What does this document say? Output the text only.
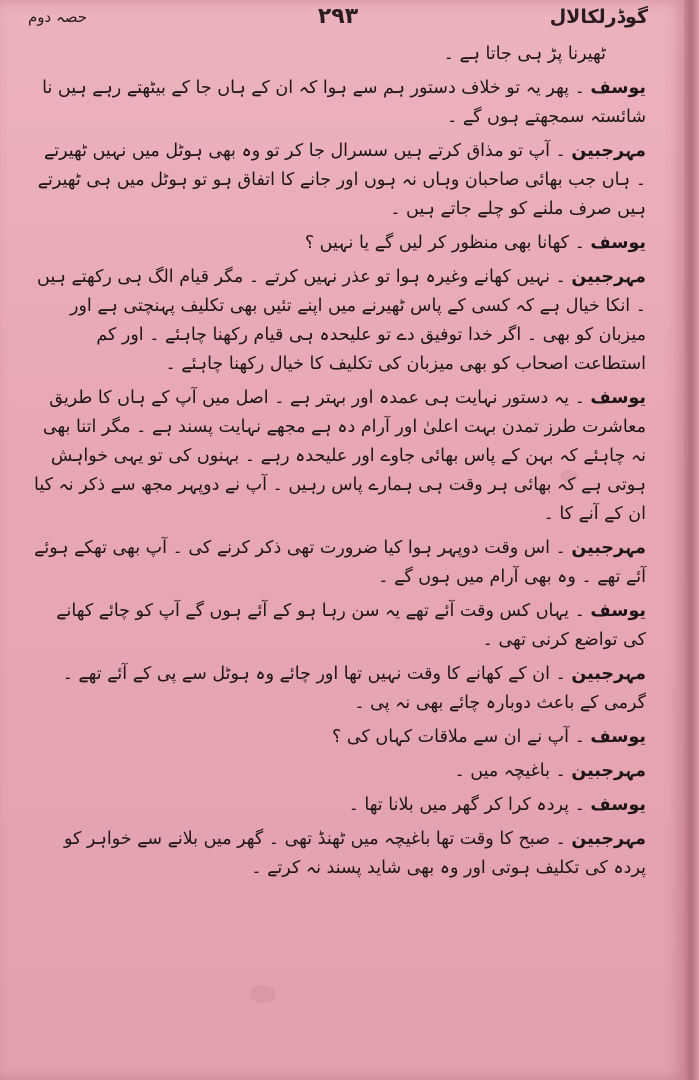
گوڈرلکالال
۲۹۳
حصہ دوم

ٹھیرنا پڑ ہی جاتا ہے ۔

یوسف ۔ پھر یہ تو خلاف دستور ہم سے ہوا کہ ان کے ہاں جا کے بیٹھتے رہے ہیں نا شائستہ سمجھتے ہوں گے ۔

مہرجبین ۔ آپ تو مذاق کرتے ہیں سسرال جا کر تو وہ بھی ہوٹل میں نہیں ٹھیرتے ۔ ہاں جب بھائی صاحبان وہاں نہ ہوں اور جانے کا اتفاق ہو تو ہوٹل میں ہی ٹھیرتے ہیں صرف ملنے کو چلے جاتے ہیں ۔

یوسف ۔ کھانا بھی منظور کر لیں گے یا نہیں ؟

مہرجبین ۔ نہیں کھانے وغیرہ ہوا تو عذر نہیں کرتے ۔ مگر قیام الگ ہی رکھتے ہیں ۔ انکا خیال ہے کہ کسی کے پاس ٹھیرنے میں اپنے تئیں بھی تکلیف پہنچتی ہے اور میزبان کو بھی ۔ اگر خدا توفیق دے تو علیحدہ ہی قیام رکھنا چاہئے ۔ اور کم استطاعت اصحاب کو بھی میزبان کی تکلیف کا خیال رکھنا چاہئے ۔

یوسف ۔ یہ دستور نہایت ہی عمدہ اور بہتر ہے ۔ اصل میں آپ کے ہاں کا طریق معاشرت طرز تمدن بہت اعلیٰ اور آرام دہ ہے مجھے نہایت پسند ہے ۔ مگر اتنا بھی نہ چاہئے کہ بہن کے پاس بھائی جاوے اور علیحدہ رہے ۔ بہنوں کی تو یہی خواہش ہوتی ہے کہ بھائی ہر وقت ہی ہمارے پاس رہیں ۔ آپ نے دوپہر مجھ سے ذکر نہ کیا ان کے آنے کا ۔

مہرجبین ۔ اس وقت دوپہر ہوا کیا ضرورت تھی ذکر کرنے کی ۔ آپ بھی تھکے ہوئے آئے تھے ۔ وہ بھی آرام میں ہوں گے ۔

یوسف ۔ یہاں کس وقت آئے تھے یہ سن رہا ہو کے آئے ہوں گے آپ کو چائے کھانے کی تواضع کرنی تھی ۔

مہرجبین ۔ ان کے کھانے کا وقت نہیں تھا اور چائے وہ ہوٹل سے پی کے آئے تھے ۔ گرمی کے باعث دوبارہ چائے بھی نہ پی ۔

یوسف ۔ آپ نے ان سے ملاقات کہاں کی ؟

مہرجبین ۔ باغیچہ میں ۔

یوسف ۔ پردہ کرا کر گھر میں بلانا تھا ۔

مہرجبین ۔ صبح کا وقت تھا باغیچہ میں ٹھنڈ تھی ۔ گھر میں بلانے سے خواہر کو پردہ کی تکلیف ہوتی اور وہ بھی شاید پسند نہ کرتے ۔
